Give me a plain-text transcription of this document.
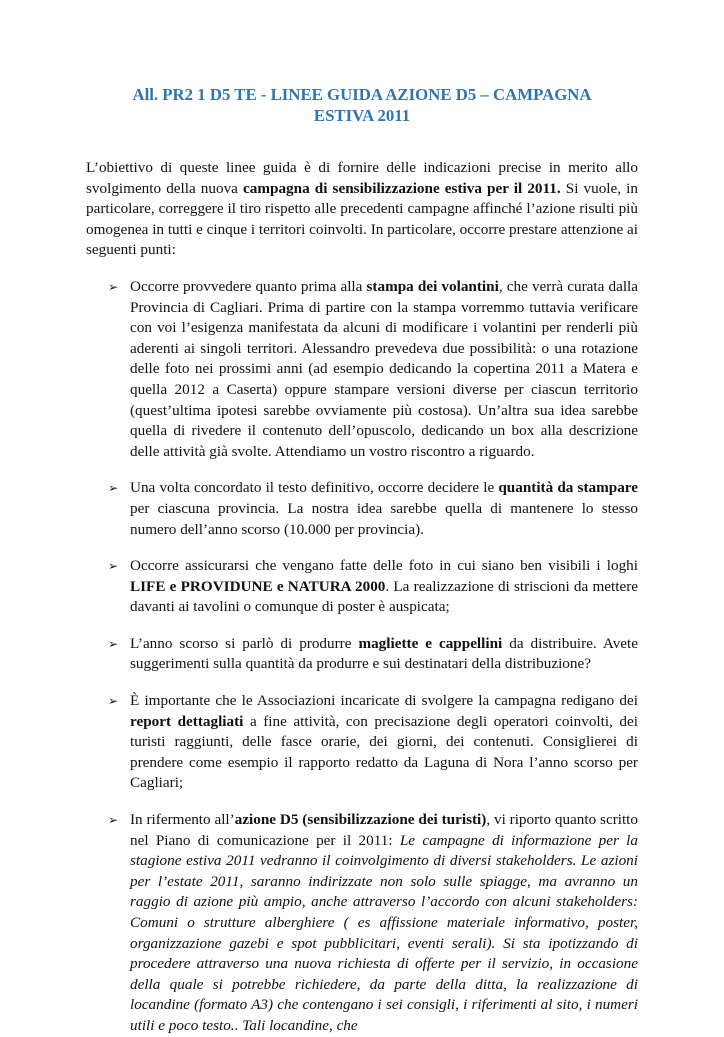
All. PR2 1 D5 TE - LINEE GUIDA AZIONE D5 – CAMPAGNA
ESTIVA 2011

L’obiettivo di queste linee guida è di fornire delle indicazioni precise in merito allo svolgimento della nuova campagna di sensibilizzazione estiva per il 2011. Si vuole, in particolare, correggere il tiro rispetto alle precedenti campagne affinché l’azione risulti più omogenea in tutti e cinque i territori coinvolti. In particolare, occorre prestare attenzione ai seguenti punti:

➢ Occorre provvedere quanto prima alla stampa dei volantini, che verrà curata dalla Provincia di Cagliari. Prima di partire con la stampa vorremmo tuttavia verificare con voi l’esigenza manifestata da alcuni di modificare i volantini per renderli più aderenti ai singoli territori. Alessandro prevedeva due possibilità: o una rotazione delle foto nei prossimi anni (ad esempio dedicando la copertina 2011 a Matera e quella 2012 a Caserta) oppure stampare versioni diverse per ciascun territorio (quest’ultima ipotesi sarebbe ovviamente più costosa). Un’altra sua idea sarebbe quella di rivedere il contenuto dell’opuscolo, dedicando un box alla descrizione delle attività già svolte. Attendiamo un vostro riscontro a riguardo.
➢ Una volta concordato il testo definitivo, occorre decidere le quantità da stampare per ciascuna provincia. La nostra idea sarebbe quella di mantenere lo stesso numero dell’anno scorso (10.000 per provincia).
➢ Occorre assicurarsi che vengano fatte delle foto in cui siano ben visibili i loghi LIFE e PROVIDUNE e NATURA 2000. La realizzazione di striscioni da mettere davanti ai tavolini o comunque di poster è auspicata;
➢ L’anno scorso si parlò di produrre magliette e cappellini da distribuire. Avete suggerimenti sulla quantità da produrre e sui destinatari della distribuzione?
➢ È importante che le Associazioni incaricate di svolgere la campagna redigano dei report dettagliati a fine attività, con precisazione degli operatori coinvolti, dei turisti raggiunti, delle fasce orarie, dei giorni, dei contenuti. Consiglierei di prendere come esempio il rapporto redatto da Laguna di Nora l’anno scorso per Cagliari;
➢ In rifermento all’azione D5 (sensibilizzazione dei turisti), vi riporto quanto scritto nel Piano di comunicazione per il 2011: Le campagne di informazione per la stagione estiva 2011 vedranno il coinvolgimento di diversi stakeholders. Le azioni per l’estate 2011, saranno indirizzate non solo sulle spiagge, ma avranno un raggio di azione più ampio, anche attraverso l’accordo con alcuni stakeholders: Comuni o strutture alberghiere ( es affissione materiale informativo, poster, organizzazione gazebi e spot pubblicitari, eventi serali). Si sta ipotizzando di procedere attraverso una nuova richiesta di offerte per il servizio, in occasione della quale si potrebbe richiedere, da parte della ditta, la realizzazione di locandine (formato A3) che contengano i sei consigli, i riferimenti al sito, i numeri utili e poco testo.. Tali locandine, che
